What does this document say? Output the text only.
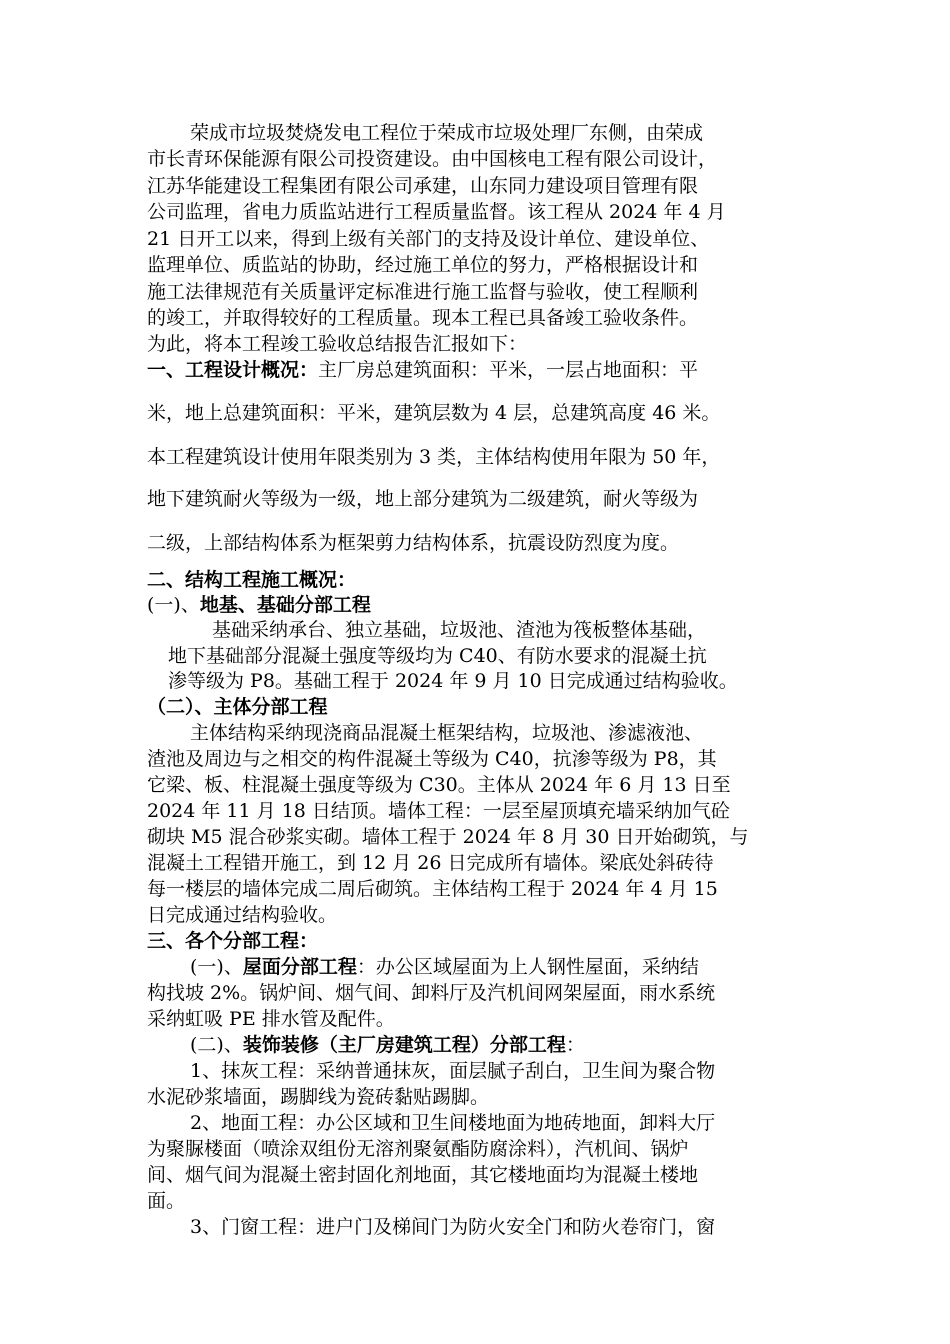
荣成市垃圾焚烧发电工程位于荣成市垃圾处理厂东侧，由荣成
市长青环保能源有限公司投资建设。由中国核电工程有限公司设计，
江苏华能建设工程集团有限公司承建，山东同力建设项目管理有限
公司监理，省电力质监站进行工程质量监督。该工程从 2024 年 4 月
21 日开工以来，得到上级有关部门的支持及设计单位、建设单位、
监理单位、质监站的协助，经过施工单位的努力，严格根据设计和
施工法律规范有关质量评定标准进行施工监督与验收，使工程顺利
的竣工，并取得较好的工程质量。现本工程已具备竣工验收条件。
为此，将本工程竣工验收总结报告汇报如下：
一、工程设计概况：主厂房总建筑面积：平米，一层占地面积：平
米，地上总建筑面积：平米，建筑层数为 4 层，总建筑高度 46 米。
本工程建筑设计使用年限类别为 3 类，主体结构使用年限为 50 年，
地下建筑耐火等级为一级，地上部分建筑为二级建筑，耐火等级为
二级，上部结构体系为框架剪力结构体系，抗震设防烈度为度。
二、结构工程施工概况：
(一)、地基、基础分部工程
基础采纳承台、独立基础，垃圾池、渣池为筏板整体基础，
地下基础部分混凝土强度等级均为 C40、有防水要求的混凝土抗
渗等级为 P8。基础工程于 2024 年 9 月 10 日完成通过结构验收。
（二）、主体分部工程
主体结构采纳现浇商品混凝土框架结构，垃圾池、渗滤液池、
渣池及周边与之相交的构件混凝土等级为 C40，抗渗等级为 P8，其
它梁、板、柱混凝土强度等级为 C30。主体从 2024 年 6 月 13 日至
2024 年 11 月 18 日结顶。墙体工程：一层至屋顶填充墙采纳加气砼
砌块 M5 混合砂浆实砌。墙体工程于 2024 年 8 月 30 日开始砌筑，与
混凝土工程错开施工，到 12 月 26 日完成所有墙体。梁底处斜砖待
每一楼层的墙体完成二周后砌筑。主体结构工程于 2024 年 4 月 15
日完成通过结构验收。
三、各个分部工程：
(一)、屋面分部工程：办公区域屋面为上人钢性屋面，采纳结
构找坡 2%。锅炉间、烟气间、卸料厅及汽机间网架屋面，雨水系统
采纳虹吸 PE 排水管及配件。
(二)、装饰装修（主厂房建筑工程）分部工程：
1、抹灰工程：采纳普通抹灰，面层腻子刮白，卫生间为聚合物
水泥砂浆墙面，踢脚线为瓷砖黏贴踢脚。
2、地面工程：办公区域和卫生间楼地面为地砖地面，卸料大厅
为聚脲楼面（喷涂双组份无溶剂聚氨酯防腐涂料），汽机间、锅炉
间、烟气间为混凝土密封固化剂地面，其它楼地面均为混凝土楼地
面。
3、门窗工程：进户门及梯间门为防火安全门和防火卷帘门，窗
